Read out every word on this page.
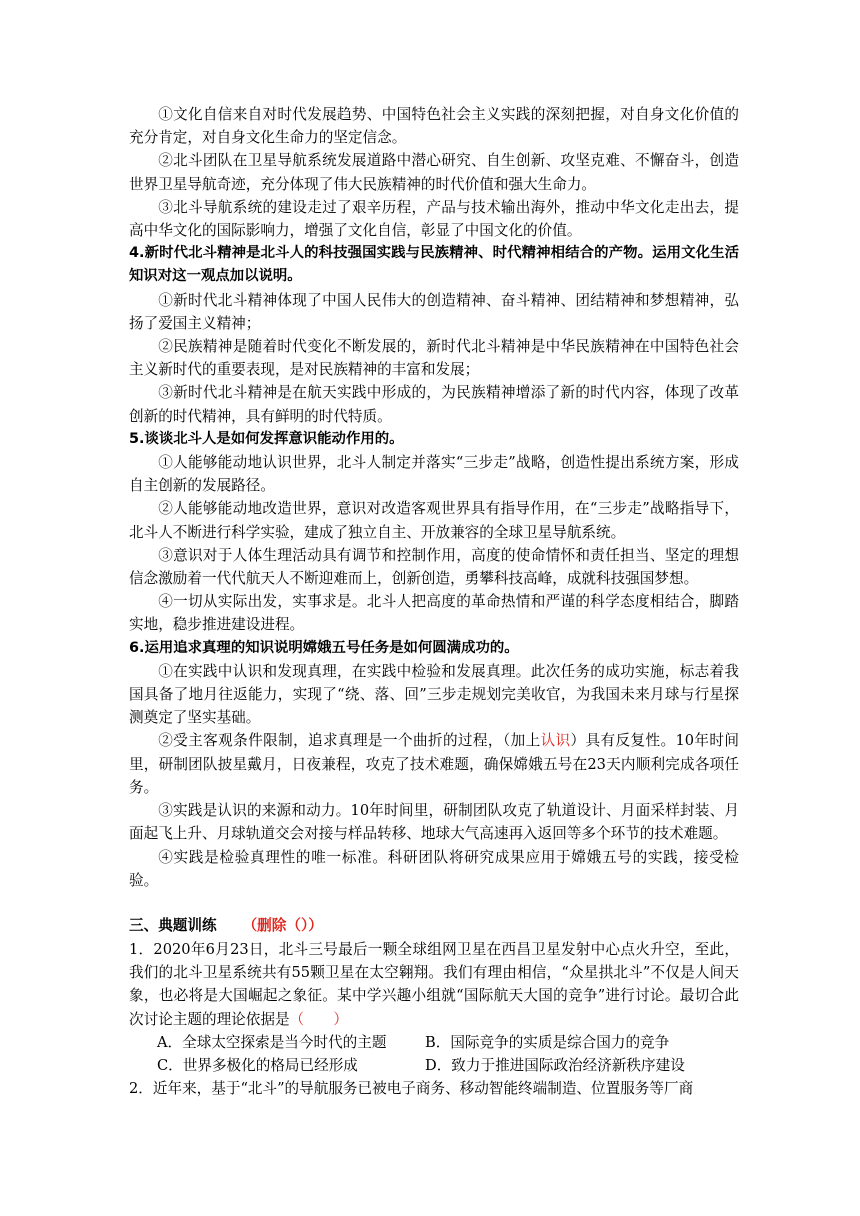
①文化自信来自对时代发展趋势、中国特色社会主义实践的深刻把握，对自身文化价值的充分肯定，对自身文化生命力的坚定信念。

②北斗团队在卫星导航系统发展道路中潜心研究、自生创新、攻坚克难、不懈奋斗，创造世界卫星导航奇迹，充分体现了伟大民族精神的时代价值和强大生命力。

③北斗导航系统的建设走过了艰辛历程，产品与技术输出海外，推动中华文化走出去，提高中华文化的国际影响力，增强了文化自信，彰显了中国文化的价值。

4.新时代北斗精神是北斗人的科技强国实践与民族精神、时代精神相结合的产物。运用文化生活知识对这一观点加以说明。

①新时代北斗精神体现了中国人民伟大的创造精神、奋斗精神、团结精神和梦想精神，弘扬了爱国主义精神；

②民族精神是随着时代变化不断发展的，新时代北斗精神是中华民族精神在中国特色社会主义新时代的重要表现，是对民族精神的丰富和发展；

③新时代北斗精神是在航天实践中形成的，为民族精神增添了新的时代内容，体现了改革创新的时代精神，具有鲜明的时代特质。

5.谈谈北斗人是如何发挥意识能动作用的。

①人能够能动地认识世界，北斗人制定并落实“三步走”战略，创造性提出系统方案，形成自主创新的发展路径。

②人能够能动地改造世界，意识对改造客观世界具有指导作用，在“三步走”战略指导下，北斗人不断进行科学实验，建成了独立自主、开放兼容的全球卫星导航系统。

③意识对于人体生理活动具有调节和控制作用，高度的使命情怀和责任担当、坚定的理想信念激励着一代代航天人不断迎难而上，创新创造，勇攀科技高峰，成就科技强国梦想。

④一切从实际出发，实事求是。北斗人把高度的革命热情和严谨的科学态度相结合，脚踏实地，稳步推进建设进程。

6.运用追求真理的知识说明嫦娥五号任务是如何圆满成功的。

①在实践中认识和发现真理，在实践中检验和发展真理。此次任务的成功实施，标志着我国具备了地月往返能力，实现了“绕、落、回”三步走规划完美收官，为我国未来月球与行星探测奠定了坚实基础。

②受主客观条件限制，追求真理是一个曲折的过程，（加上认识）具有反复性。10年时间里，研制团队披星戴月，日夜兼程，攻克了技术难题，确保嫦娥五号在23天内顺利完成各项任务。

③实践是认识的来源和动力。10年时间里，研制团队攻克了轨道设计、月面采样封装、月面起飞上升、月球轨道交会对接与样品转移、地球大气高速再入返回等多个环节的技术难题。

④实践是检验真理性的唯一标准。科研团队将研究成果应用于嫦娥五号的实践，接受检验。

三、典题训练 （删除（））

1．2020年6月23日，北斗三号最后一颗全球组网卫星在西昌卫星发射中心点火升空，至此，我们的北斗卫星系统共有55颗卫星在太空翱翔。我们有理由相信，“众星拱北斗”不仅是人间天象，也必将是大国崛起之象征。某中学兴趣小组就“国际航天大国的竞争”进行讨论。最切合此次讨论主题的理论依据是（　　）

A．全球太空探索是当今时代的主题	B．国际竞争的实质是综合国力的竞争
C．世界多极化的格局已经形成	D．致力于推进国际政治经济新秩序建设

2．近年来，基于“北斗”的导航服务已被电子商务、移动智能终端制造、位置服务等厂商
